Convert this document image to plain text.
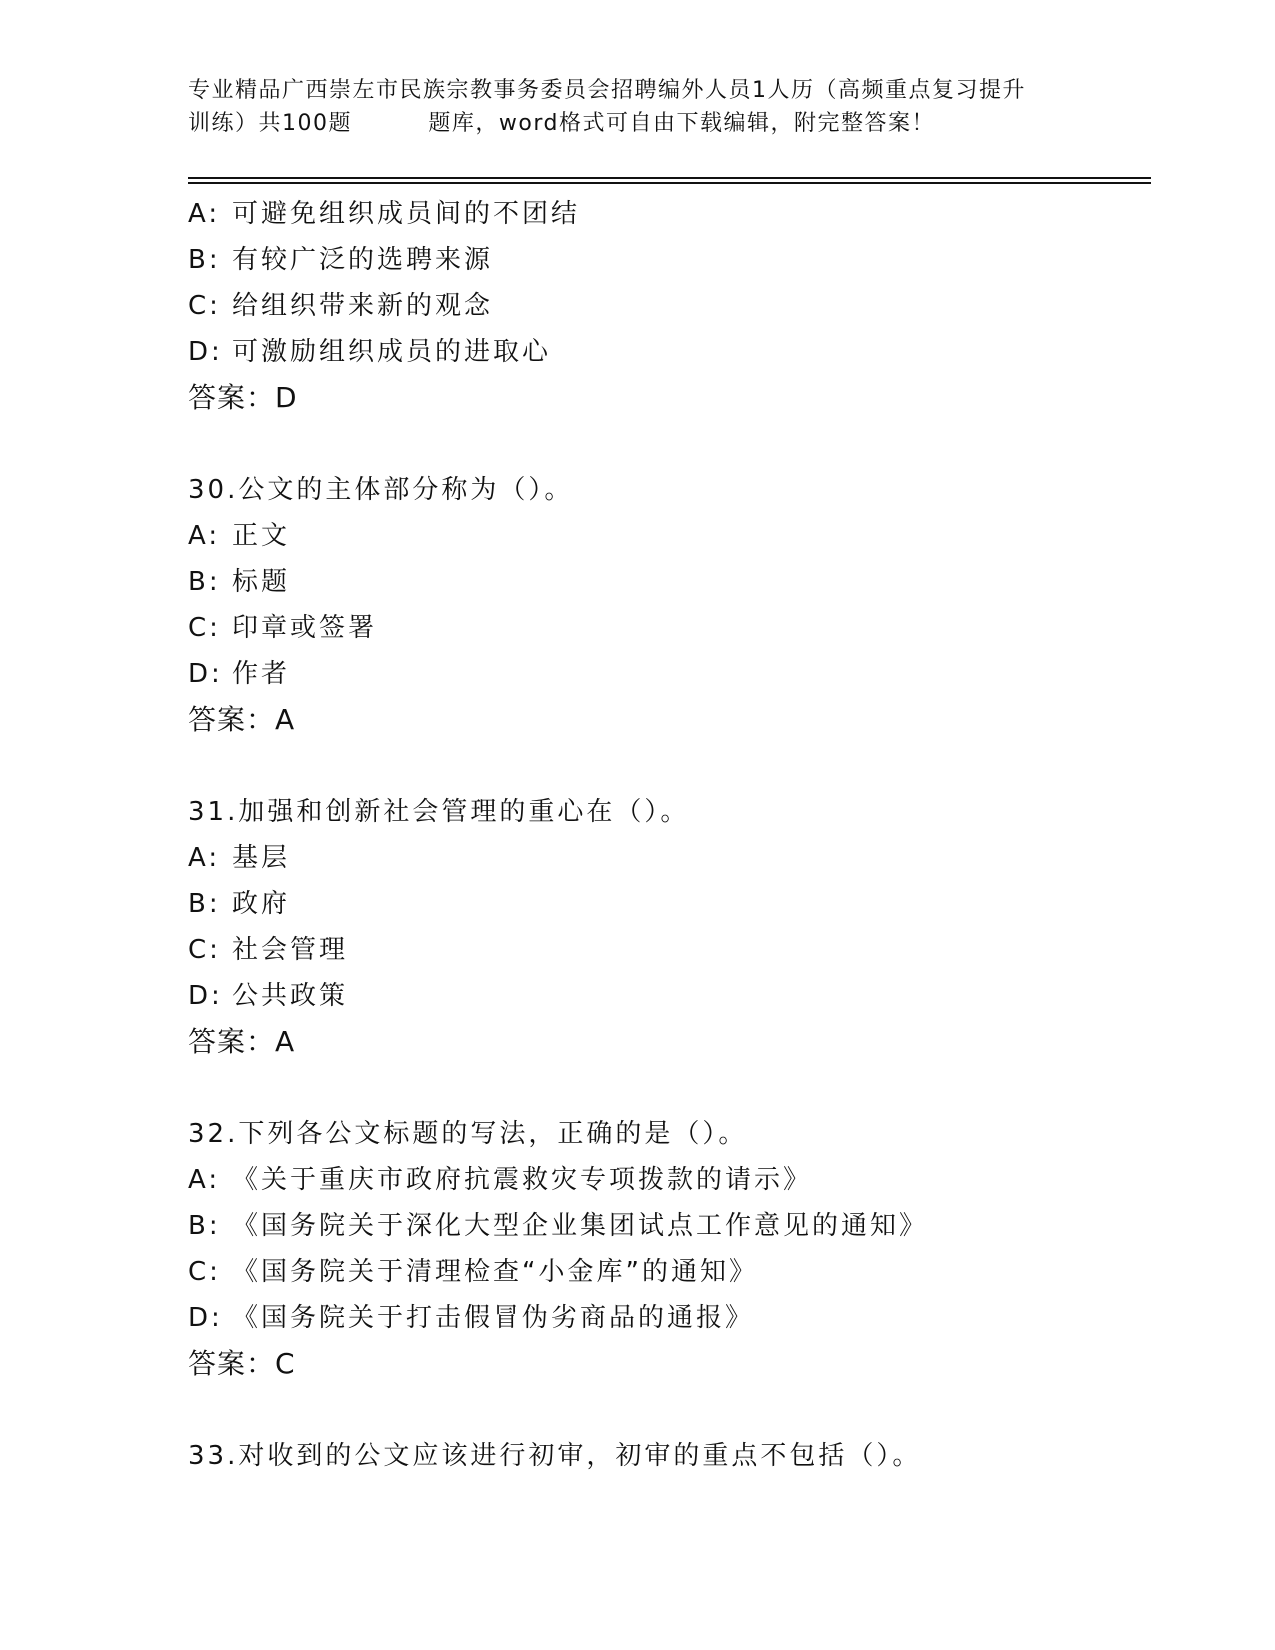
专业精品广西崇左市民族宗教事务委员会招聘编外人员1人历（高频重点复习提升
训练）共100题         题库，word格式可自由下载编辑，附完整答案！
A: 可避免组织成员间的不团结
B: 有较广泛的选聘来源
C: 给组织带来新的观念
D: 可激励组织成员的进取心
答案：D
30.公文的主体部分称为（）。
A: 正文
B: 标题
C: 印章或签署
D: 作者
答案：A
31.加强和创新社会管理的重心在（）。
A: 基层
B: 政府
C: 社会管理
D: 公共政策
答案：A
32.下列各公文标题的写法，正确的是（）。
A: 《关于重庆市政府抗震救灾专项拨款的请示》
B: 《国务院关于深化大型企业集团试点工作意见的通知》
C: 《国务院关于清理检查“小金库”的通知》
D: 《国务院关于打击假冒伪劣商品的通报》
答案：C
33.对收到的公文应该进行初审，初审的重点不包括（）。
